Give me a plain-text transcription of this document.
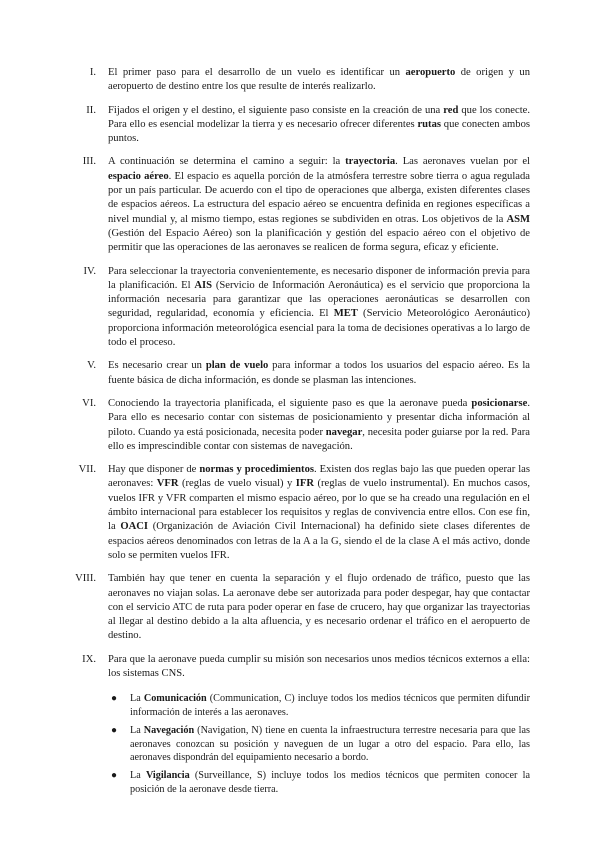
I. El primer paso para el desarrollo de un vuelo es identificar un aeropuerto de origen y un aeropuerto de destino entre los que resulte de interés realizarlo.
II. Fijados el origen y el destino, el siguiente paso consiste en la creación de una red que los conecte. Para ello es esencial modelizar la tierra y es necesario ofrecer diferentes rutas que conecten ambos puntos.
III. A continuación se determina el camino a seguir: la trayectoria. Las aeronaves vuelan por el espacio aéreo. El espacio es aquella porción de la atmósfera terrestre sobre tierra o agua regulada por un país particular. De acuerdo con el tipo de operaciones que alberga, existen diferentes clases de espacios aéreos. La estructura del espacio aéreo se encuentra definida en regiones específicas a nivel mundial y, al mismo tiempo, estas regiones se subdividen en otras. Los objetivos de la ASM (Gestión del Espacio Aéreo) son la planificación y gestión del espacio aéreo con el objetivo de permitir que las operaciones de las aeronaves se realicen de forma segura, eficaz y eficiente.
IV. Para seleccionar la trayectoria convenientemente, es necesario disponer de información previa para la planificación. El AIS (Servicio de Información Aeronáutica) es el servicio que proporciona la información necesaria para garantizar que las operaciones aeronáuticas se desarrollen con seguridad, regularidad, economía y eficiencia. El MET (Servicio Meteorológico Aeronáutico) proporciona información meteorológica esencial para la toma de decisiones operativas a lo largo de todo el proceso.
V. Es necesario crear un plan de vuelo para informar a todos los usuarios del espacio aéreo. Es la fuente básica de dicha información, es donde se plasman las intenciones.
VI. Conociendo la trayectoria planificada, el siguiente paso es que la aeronave pueda posicionarse. Para ello es necesario contar con sistemas de posicionamiento y presentar dicha información al piloto. Cuando ya está posicionada, necesita poder navegar, necesita poder guiarse por la red. Para ello es imprescindible contar con sistemas de navegación.
VII. Hay que disponer de normas y procedimientos. Existen dos reglas bajo las que pueden operar las aeronaves: VFR (reglas de vuelo visual) y IFR (reglas de vuelo instrumental). En muchos casos, vuelos IFR y VFR comparten el mismo espacio aéreo, por lo que se ha creado una regulación en el ámbito internacional para establecer los requisitos y reglas de convivencia entre ellos. Con ese fin, la OACI (Organización de Aviación Civil Internacional) ha definido siete clases diferentes de espacios aéreos denominados con letras de la A a la G, siendo el de la clase A el más activo, donde solo se permiten vuelos IFR.
VIII. También hay que tener en cuenta la separación y el flujo ordenado de tráfico, puesto que las aeronaves no viajan solas. La aeronave debe ser autorizada para poder despegar, hay que contactar con el servicio ATC de ruta para poder operar en fase de crucero, hay que organizar las trayectorias al llegar al destino debido a la alta afluencia, y es necesario ordenar el tráfico en el aeropuerto de destino.
IX. Para que la aeronave pueda cumplir su misión son necesarios unos medios técnicos externos a ella: los sistemas CNS.
● La Comunicación (Communication, C) incluye todos los medios técnicos que permiten difundir información de interés a las aeronaves.
● La Navegación (Navigation, N) tiene en cuenta la infraestructura terrestre necesaria para que las aeronaves conozcan su posición y naveguen de un lugar a otro del espacio. Para ello, las aeronaves dispondrán del equipamiento necesario a bordo.
● La Vigilancia (Surveillance, S) incluye todos los medios técnicos que permiten conocer la posición de la aeronave desde tierra.
